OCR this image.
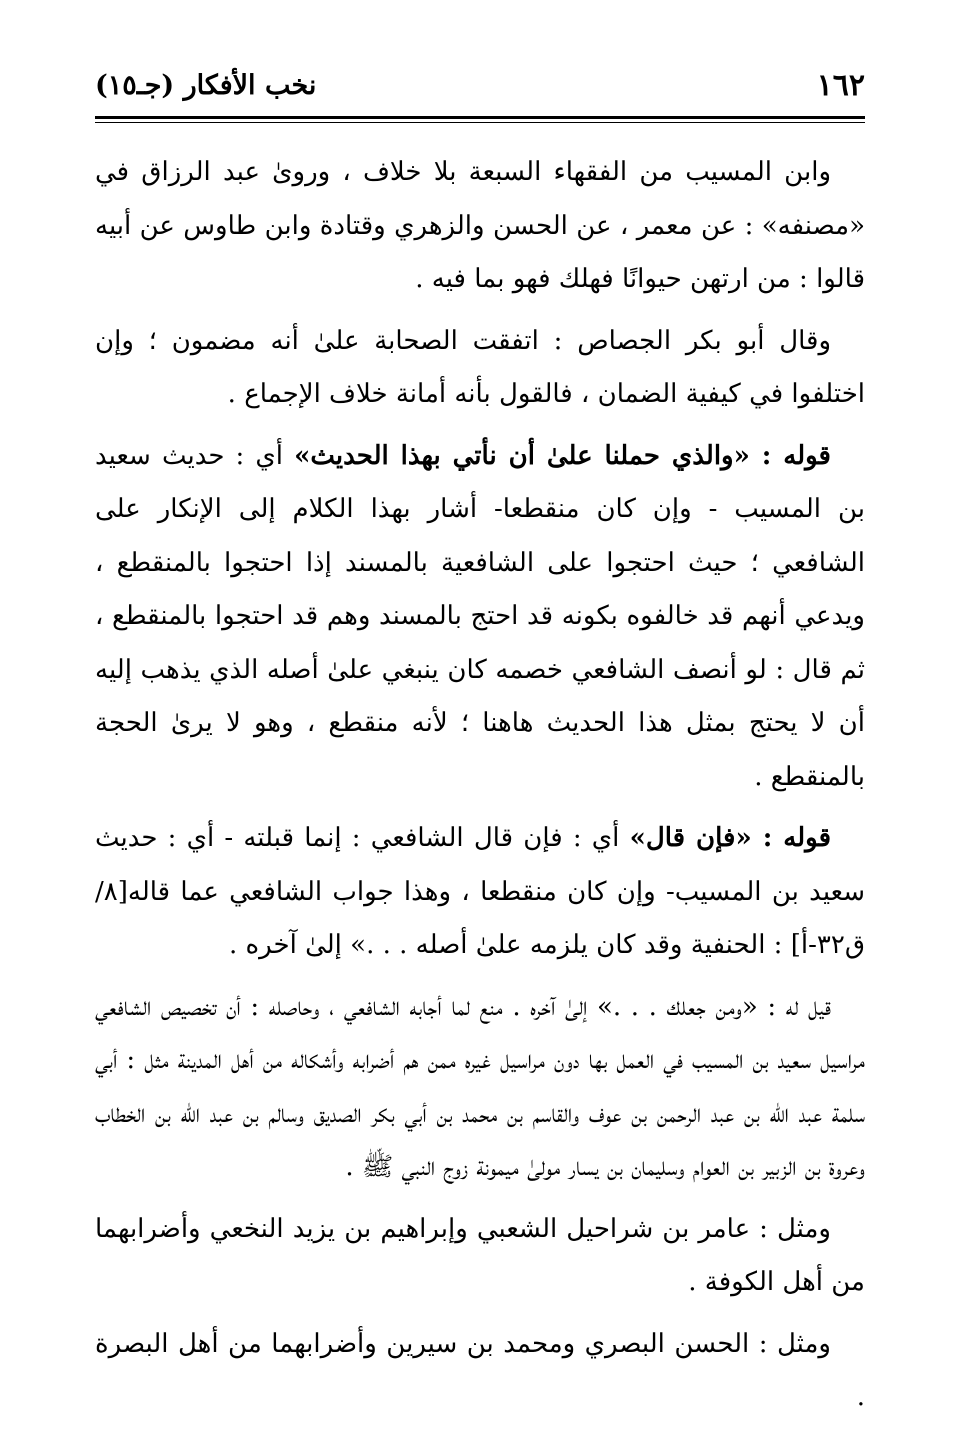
١٦٢
نخب الأفكار (جـ١٥)

وابن المسيب من الفقهاء السبعة بلا خلاف ، وروىٰ عبد الرزاق في «مصنفه» : عن معمر ، عن الحسن والزهري وقتادة وابن طاوس عن أبيه قالوا : من ارتهن حيوانًا فهلك فهو بما فيه .

وقال أبو بكر الجصاص : اتفقت الصحابة علىٰ أنه مضمون ؛ وإن اختلفوا في كيفية الضمان ، فالقول بأنه أمانة خلاف الإجماع .

قوله : «والذي حملنا علىٰ أن نأتي بهذا الحديث» أي : حديث سعيد بن المسيب - وإن كان منقطعا- أشار بهذا الكلام إلى الإنكار على الشافعي ؛ حيث احتجوا على الشافعية بالمسند إذا احتجوا بالمنقطع ، ويدعي أنهم قد خالفوه بكونه قد احتج بالمسند وهم قد احتجوا بالمنقطع ، ثم قال : لو أنصف الشافعي خصمه كان ينبغي علىٰ أصله الذي يذهب إليه أن لا يحتج بمثل هذا الحديث هاهنا ؛ لأنه منقطع ، وهو لا يرىٰ الحجة بالمنقطع .

قوله : «فإن قال» أي : فإن قال الشافعي : إنما قبلته - أي : حديث سعيد بن المسيب- وإن كان منقطعا ، وهذا جواب الشافعي عما قاله[٨/ ق٣٢-أ] : الحنفية وقد كان يلزمه علىٰ أصله . . .» إلىٰ آخره .

قيل له : «ومن جعلك . . .» إلىٰ آخره . منع لما أجابه الشافعي ، وحاصله : أن تخصيص الشافعي مراسيل سعيد بن المسيب في العمل بها دون مراسيل غيره ممن هم أضرابه وأشكاله من أهل المدينة مثل : أبي سلمة عبد الله بن عبد الرحمن بن عوف والقاسم بن محمد بن أبي بكر الصديق وسالم بن عبد الله بن الخطاب وعروة بن الزبير بن العوام وسليمان بن يسار مولىٰ ميمونة زوج النبي ﷺ .

ومثل : عامر بن شراحيل الشعبي وإبراهيم بن يزيد النخعي وأضرابهما من أهل الكوفة .

ومثل : الحسن البصري ومحمد بن سيرين وأضرابهما من أهل البصرة .
